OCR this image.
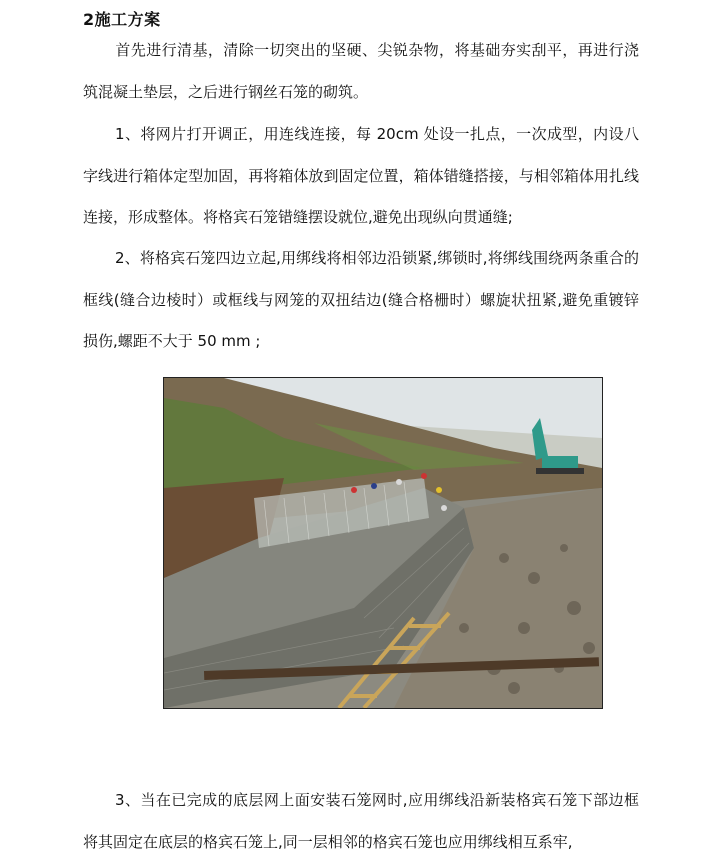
2施工方案

首先进行清基，清除一切突出的坚硬、尖锐杂物，将基础夯实刮平，再进行浇筑混凝土垫层，之后进行钢丝石笼的砌筑。

1、将网片打开调正，用连线连接，每 20cm 处设一扎点，一次成型，内设八字线进行箱体定型加固，再将箱体放到固定位置，箱体错缝搭接，与相邻箱体用扎线连接，形成整体。将格宾石笼错缝摆设就位,避免出现纵向贯通缝;

2、将格宾石笼四边立起,用绑线将相邻边沿锁紧,绑锁时,将绑线围绕两条重合的框线(缝合边棱时）或框线与网笼的双扭结边(缝合格栅时）螺旋状扭紧,避免重镀锌损伤,螺距不大于 50 mm ;

3、当在已完成的底层网上面安装石笼网时,应用绑线沿新装格宾石笼下部边框将其固定在底层的格宾石笼上,同一层相邻的格宾石笼也应用绑线相互系牢,
